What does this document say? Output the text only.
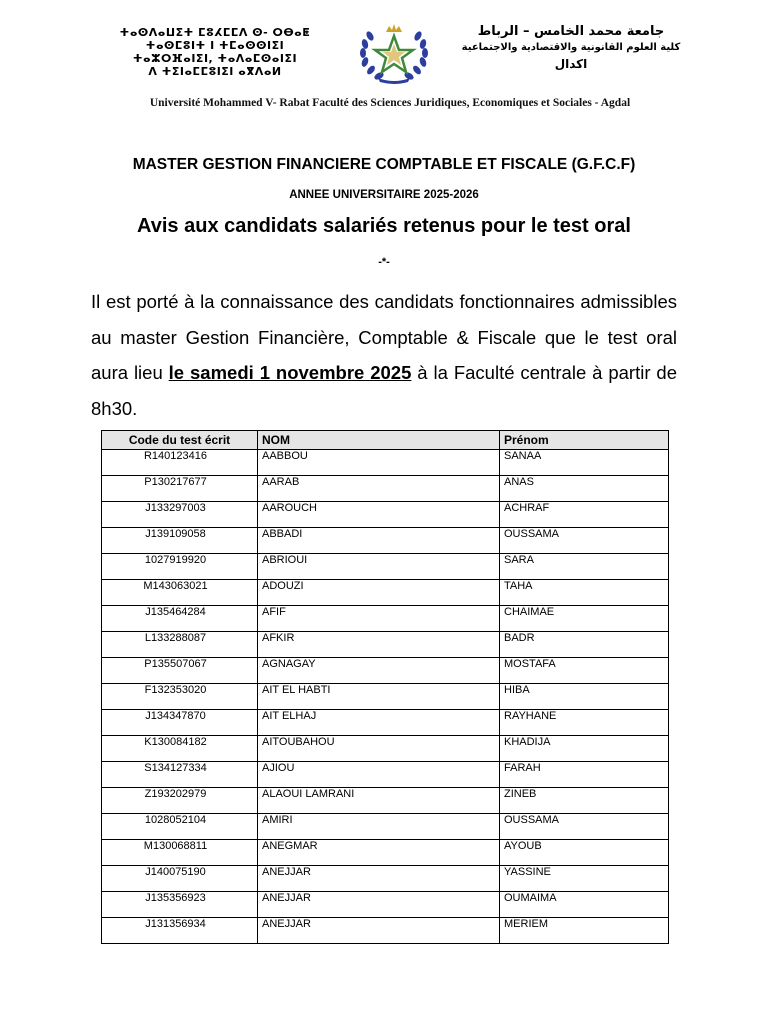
ⵜⴰⵙⴷⴰⵡⵉⵜ ⵎⵓⵃⵎⵎⴷ ⵙ- ⵔⴱⴰⵟ
ⵜⴰⵙⵎⵓⵏⵜ ⵏ ⵜⵎⴰⵙⵙⵏⵉⵏ
ⵜⴰⵣⵔⴼⴰⵏⵉⵏ, ⵜⴰⴷⴰⵎⵙⴰⵏⵉⵏ
ⴷ ⵜⵉⵏⴰⵎⵎⵓⵏⵉⵏ ⴰⴳⴷⴰⵍ
جامعة محمد الخامس – الرباط
كلية العلوم القانونية والاقتصادية والاجتماعية
اكدال
Université Mohammed V- Rabat Faculté des Sciences Juridiques, Economiques et Sociales - Agdal
MASTER GESTION FINANCIERE COMPTABLE ET FISCALE (G.F.C.F)
ANNEE UNIVERSITAIRE 2025-2026
Avis aux candidats salariés retenus pour le test oral
-*-

Il est porté à la connaissance des candidats fonctionnaires admissibles au master Gestion Financière, Comptable & Fiscale que le test oral aura lieu le samedi 1 novembre 2025 à la Faculté centrale à partir de 8h30.

Code du test écrit	NOM	Prénom
R140123416	AABBOU	SANAA
P130217677	AARAB	ANAS
J133297003	AAROUCH	ACHRAF
J139109058	ABBADI	OUSSAMA
1027919920	ABRIOUI	SARA
M143063021	ADOUZI	TAHA
J135464284	AFIF	CHAIMAE
L133288087	AFKIR	BADR
P135507067	AGNAGAY	MOSTAFA
F132353020	AIT EL HABTI	HIBA
J134347870	AIT ELHAJ	RAYHANE
K130084182	AITOUBAHOU	KHADIJA
S134127334	AJIOU	FARAH
Z193202979	ALAOUI LAMRANI	ZINEB
1028052104	AMIRI	OUSSAMA
M130068811	ANEGMAR	AYOUB
J140075190	ANEJJAR	YASSINE
J135356923	ANEJJAR	OUMAIMA
J131356934	ANEJJAR	MERIEM
